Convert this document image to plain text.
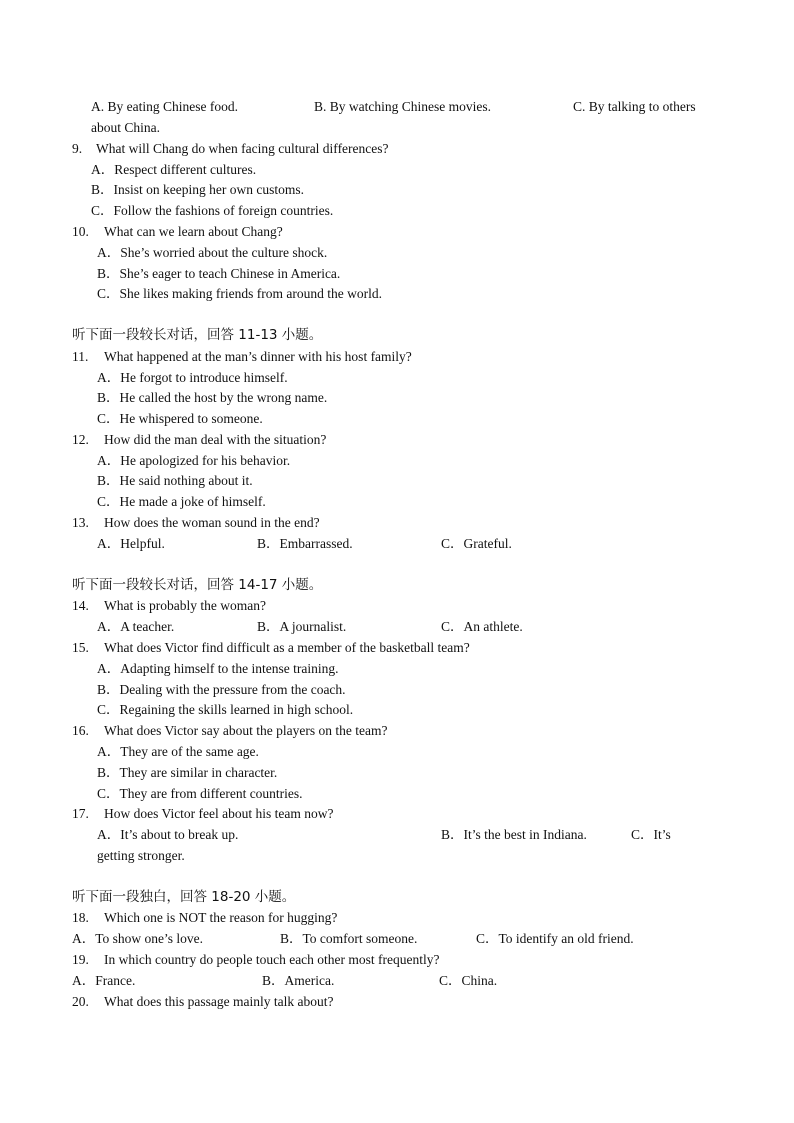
A. By eating Chinese food.	B. By watching Chinese movies.	C. By talking to others
about China.
9. What will Chang do when facing cultural differences?
A．Respect different cultures.
B．Insist on keeping her own customs.
C．Follow the fashions of foreign countries.
10. What can we learn about Chang?
A．She’s worried about the culture shock.
B．She’s eager to teach Chinese in America.
C．She likes making friends from around the world.
听下面一段较长对话，回答 11-13 小题。
11. What happened at the man’s dinner with his host family?
A．He forgot to introduce himself.
B．He called the host by the wrong name.
C．He whispered to someone.
12. How did the man deal with the situation?
A．He apologized for his behavior.
B．He said nothing about it.
C．He made a joke of himself.
13. How does the woman sound in the end?
A．Helpful.	B．Embarrassed.	C．Grateful.
听下面一段较长对话，回答 14-17 小题。
14. What is probably the woman?
A．A teacher.	B．A journalist.	C．An athlete.
15. What does Victor find difficult as a member of the basketball team?
A．Adapting himself to the intense training.
B．Dealing with the pressure from the coach.
C．Regaining the skills learned in high school.
16. What does Victor say about the players on the team?
A．They are of the same age.
B．They are similar in character.
C．They are from different countries.
17. How does Victor feel about his team now?
A．It’s about to break up.	B．It’s the best in Indiana.	C．It’s
getting stronger.
听下面一段独白，回答 18-20 小题。
18. Which one is NOT the reason for hugging?
A．To show one’s love.	B．To comfort someone.	C．To identify an old friend.
19. In which country do people touch each other most frequently?
A．France.	B．America.	C．China.
20. What does this passage mainly talk about?
